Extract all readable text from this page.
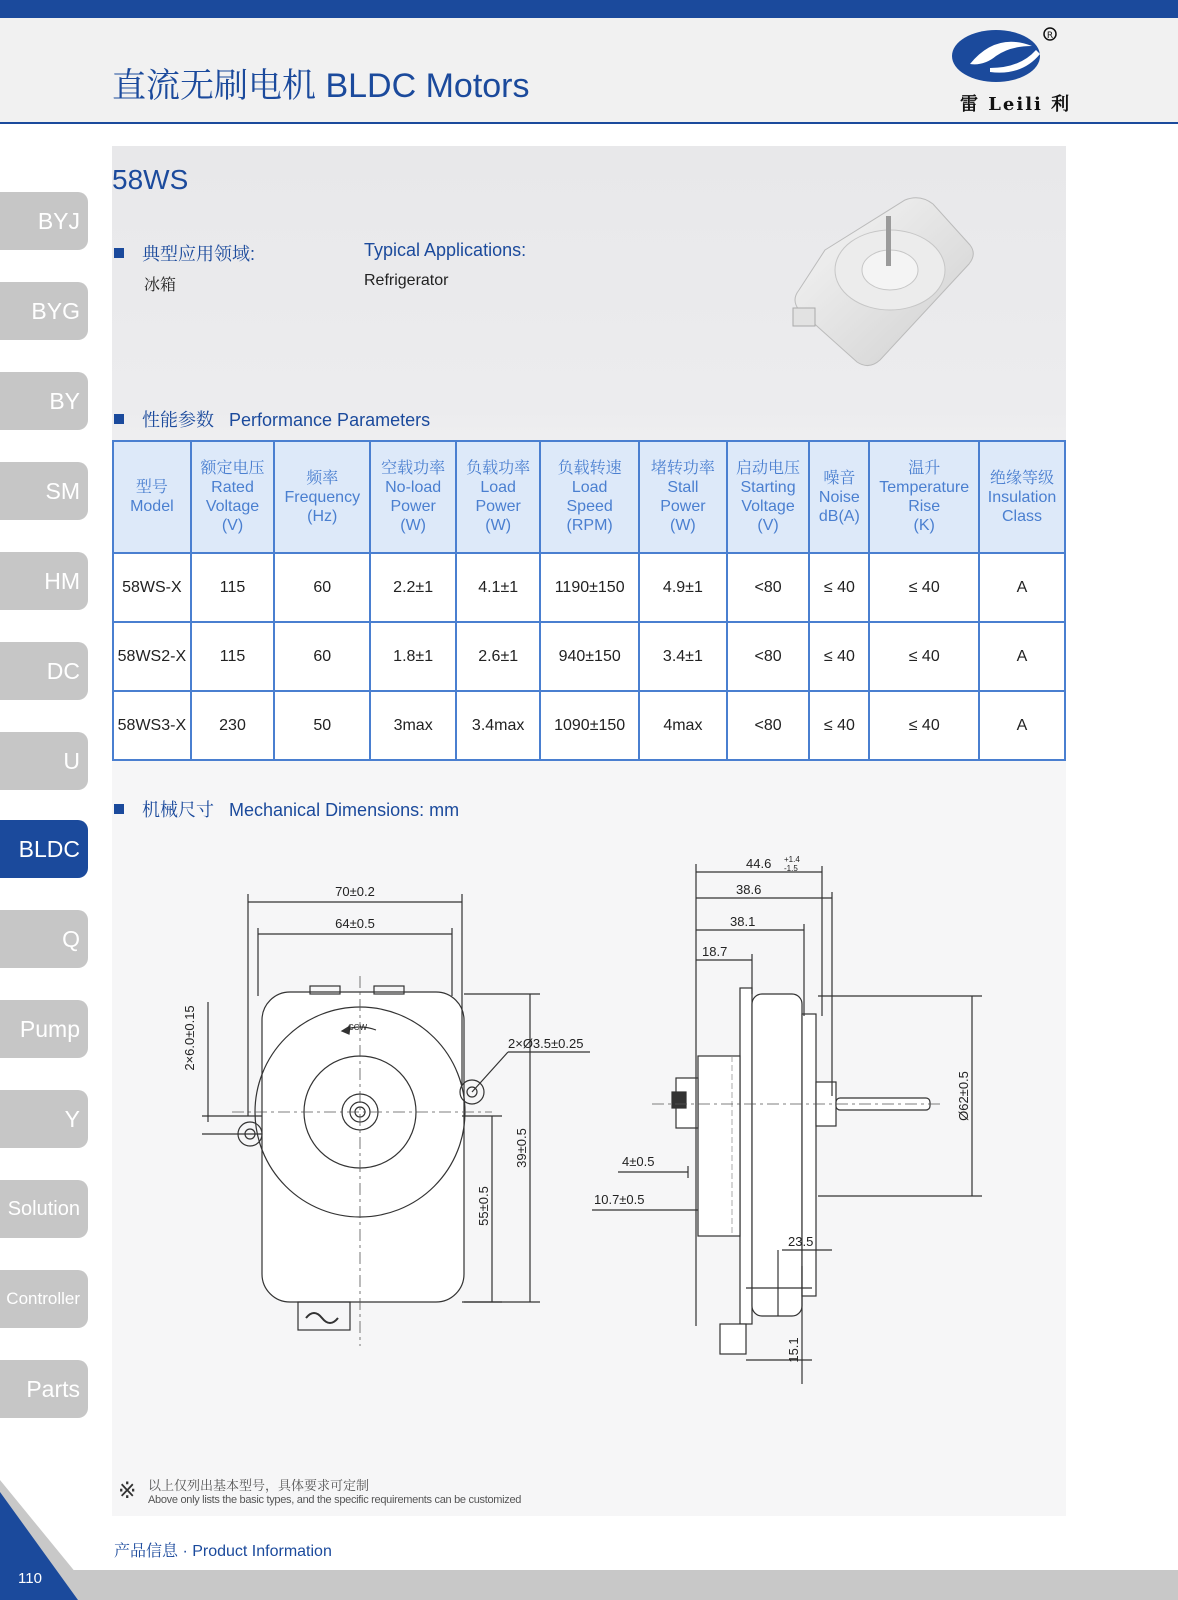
直流无刷电机 BLDC Motors
R
雷 Leili 利
BYJ
BYG
BY
SM
HM
DC
U
BLDC
Q
Pump
Y
Solution
Controller
Parts
58WS
典型应用领域:
冰箱
Typical Applications:
Refrigerator
性能参数 Performance Parameters
型号
Model	额定电压
Rated Voltage
(V)	频率
Frequency
(Hz)	空载功率
No-load Power
(W)	负载功率
Load Power
(W)	负载转速
Load Speed
(RPM)	堵转功率
Stall Power
(W)	启动电压
Starting Voltage
(V)	噪音
Noise
dB(A)	温升
Temperature Rise
(K)	绝缘等级
Insulation Class

58WS-X	115	60	2.2±1	4.1±1	1190±150	4.9±1	<80	≤ 40	≤ 40	A
58WS2-X	115	60	1.8±1	2.6±1	940±150	3.4±1	<80	≤ 40	≤ 40	A
58WS3-X	230	50	3max	3.4max	1090±150	4max	<80	≤ 40	≤ 40	A
机械尺寸 Mechanical Dimensions: mm
70±0.2
64±0.5
2×6.0±0.15	2×Ø3.5±0.25
CCW
55±0.5
39±0.5
44.6 +1.4
-1.5
38.6
38.1
18.7
Ø62±0.5
4±0.5
10.7±0.5
23.5
15.1
※ 以上仅列出基本型号，具体要求可定制
Above only lists the basic types, and the specific requirements can be customized
产品信息 · Product Information
110
